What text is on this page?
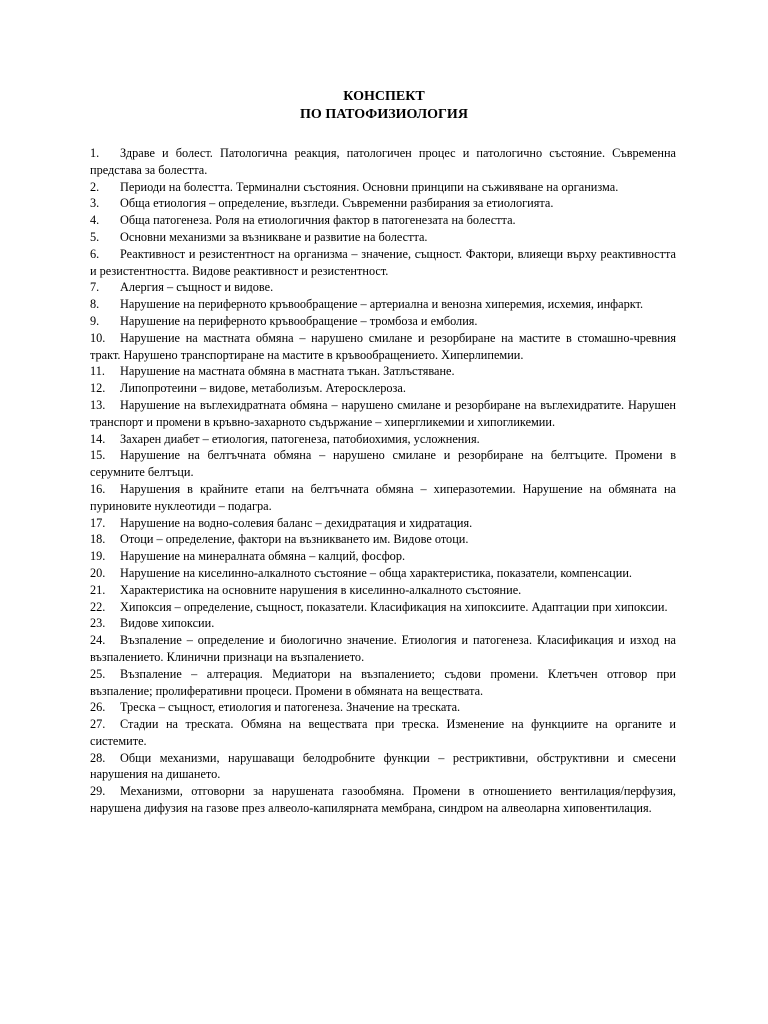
КОНСПЕКТ
ПО ПАТОФИЗИОЛОГИЯ

1. Здраве и болест. Патологична реакция, патологичен процес и патологично състояние. Съвременна представа за болестта.

2. Периоди на болестта. Терминални състояния. Основни принципи на съживяване на организма.

3. Обща етиология – определение, възгледи. Съвременни разбирания за етиологията.

4. Обща патогенеза. Роля на етиологичния фактор в патогенезата на болестта.

5. Основни механизми за възникване и развитие на болестта.

6. Реактивност и резистентност на организма – значение, същност. Фактори, влияещи върху реактивността и резистентността. Видове реактивност и резистентност.

7. Алергия – същност и видове.

8. Нарушение на периферното кръвообращение – артериална и венозна хиперемия, исхемия, инфаркт.

9. Нарушение на периферното кръвообращение – тромбоза и емболия.

10. Нарушение на мастната обмяна – нарушено смилане и резорбиране на мастите в стомашно-чревния тракт. Нарушено транспортиране на мастите в кръвообращението. Хиперлипемии.

11. Нарушение на мастната обмяна в мастната тъкан. Затлъстяване.

12. Липопротеини – видове, метаболизъм. Атеросклероза.

13. Нарушение на въглехидратната обмяна – нарушено смилане и резорбиране на въглехидратите. Нарушен транспорт и промени в кръвно-захарното съдържание – хипергликемии и хипогликемии.

14. Захарен диабет – етиология, патогенеза, патобиохимия, усложнения.

15. Нарушение на белтъчната обмяна – нарушено смилане и резорбиране на белтъците. Промени в серумните белтъци.

16. Нарушения в крайните етапи на белтъчната обмяна – хиперазотемии. Нарушение на обмяната на пуриновите нуклеотиди – подагра.

17. Нарушение на водно-солевия баланс – дехидратация и хидратация.

18. Отоци – определение, фактори на възникването им. Видове отоци.

19. Нарушение на минералната обмяна – калций, фосфор.

20. Нарушение на киселинно-алкалното състояние – обща характеристика, показатели, компенсации.

21. Характеристика на основните нарушения в киселинно-алкалното състояние.

22. Хипоксия – определение, същност, показатели. Класификация на хипоксиите. Адаптации при хипоксии.

23. Видове хипоксии.

24. Възпаление – определение и биологично значение. Етиология и патогенеза. Класификация и изход на възпалението. Клинични признаци на възпалението.

25. Възпаление – алтерация. Медиатори на възпалението; съдови промени. Клетъчен отговор при възпаление; пролиферативни процеси. Промени в обмяната на веществата.

26. Треска – същност, етиология и патогенеза. Значение на треската.

27. Стадии на треската. Обмяна на веществата при треска. Изменение на функциите на органите и системите.

28. Общи механизми, нарушаващи белодробните функции – рестриктивни, обструктивни и смесени нарушения на дишането.

29. Механизми, отговорни за нарушената газообмяна. Промени в отношението вентилация/перфузия, нарушена дифузия на газове през алвеоло-капилярната мембрана, синдром на алвеоларна хиповентилация.
